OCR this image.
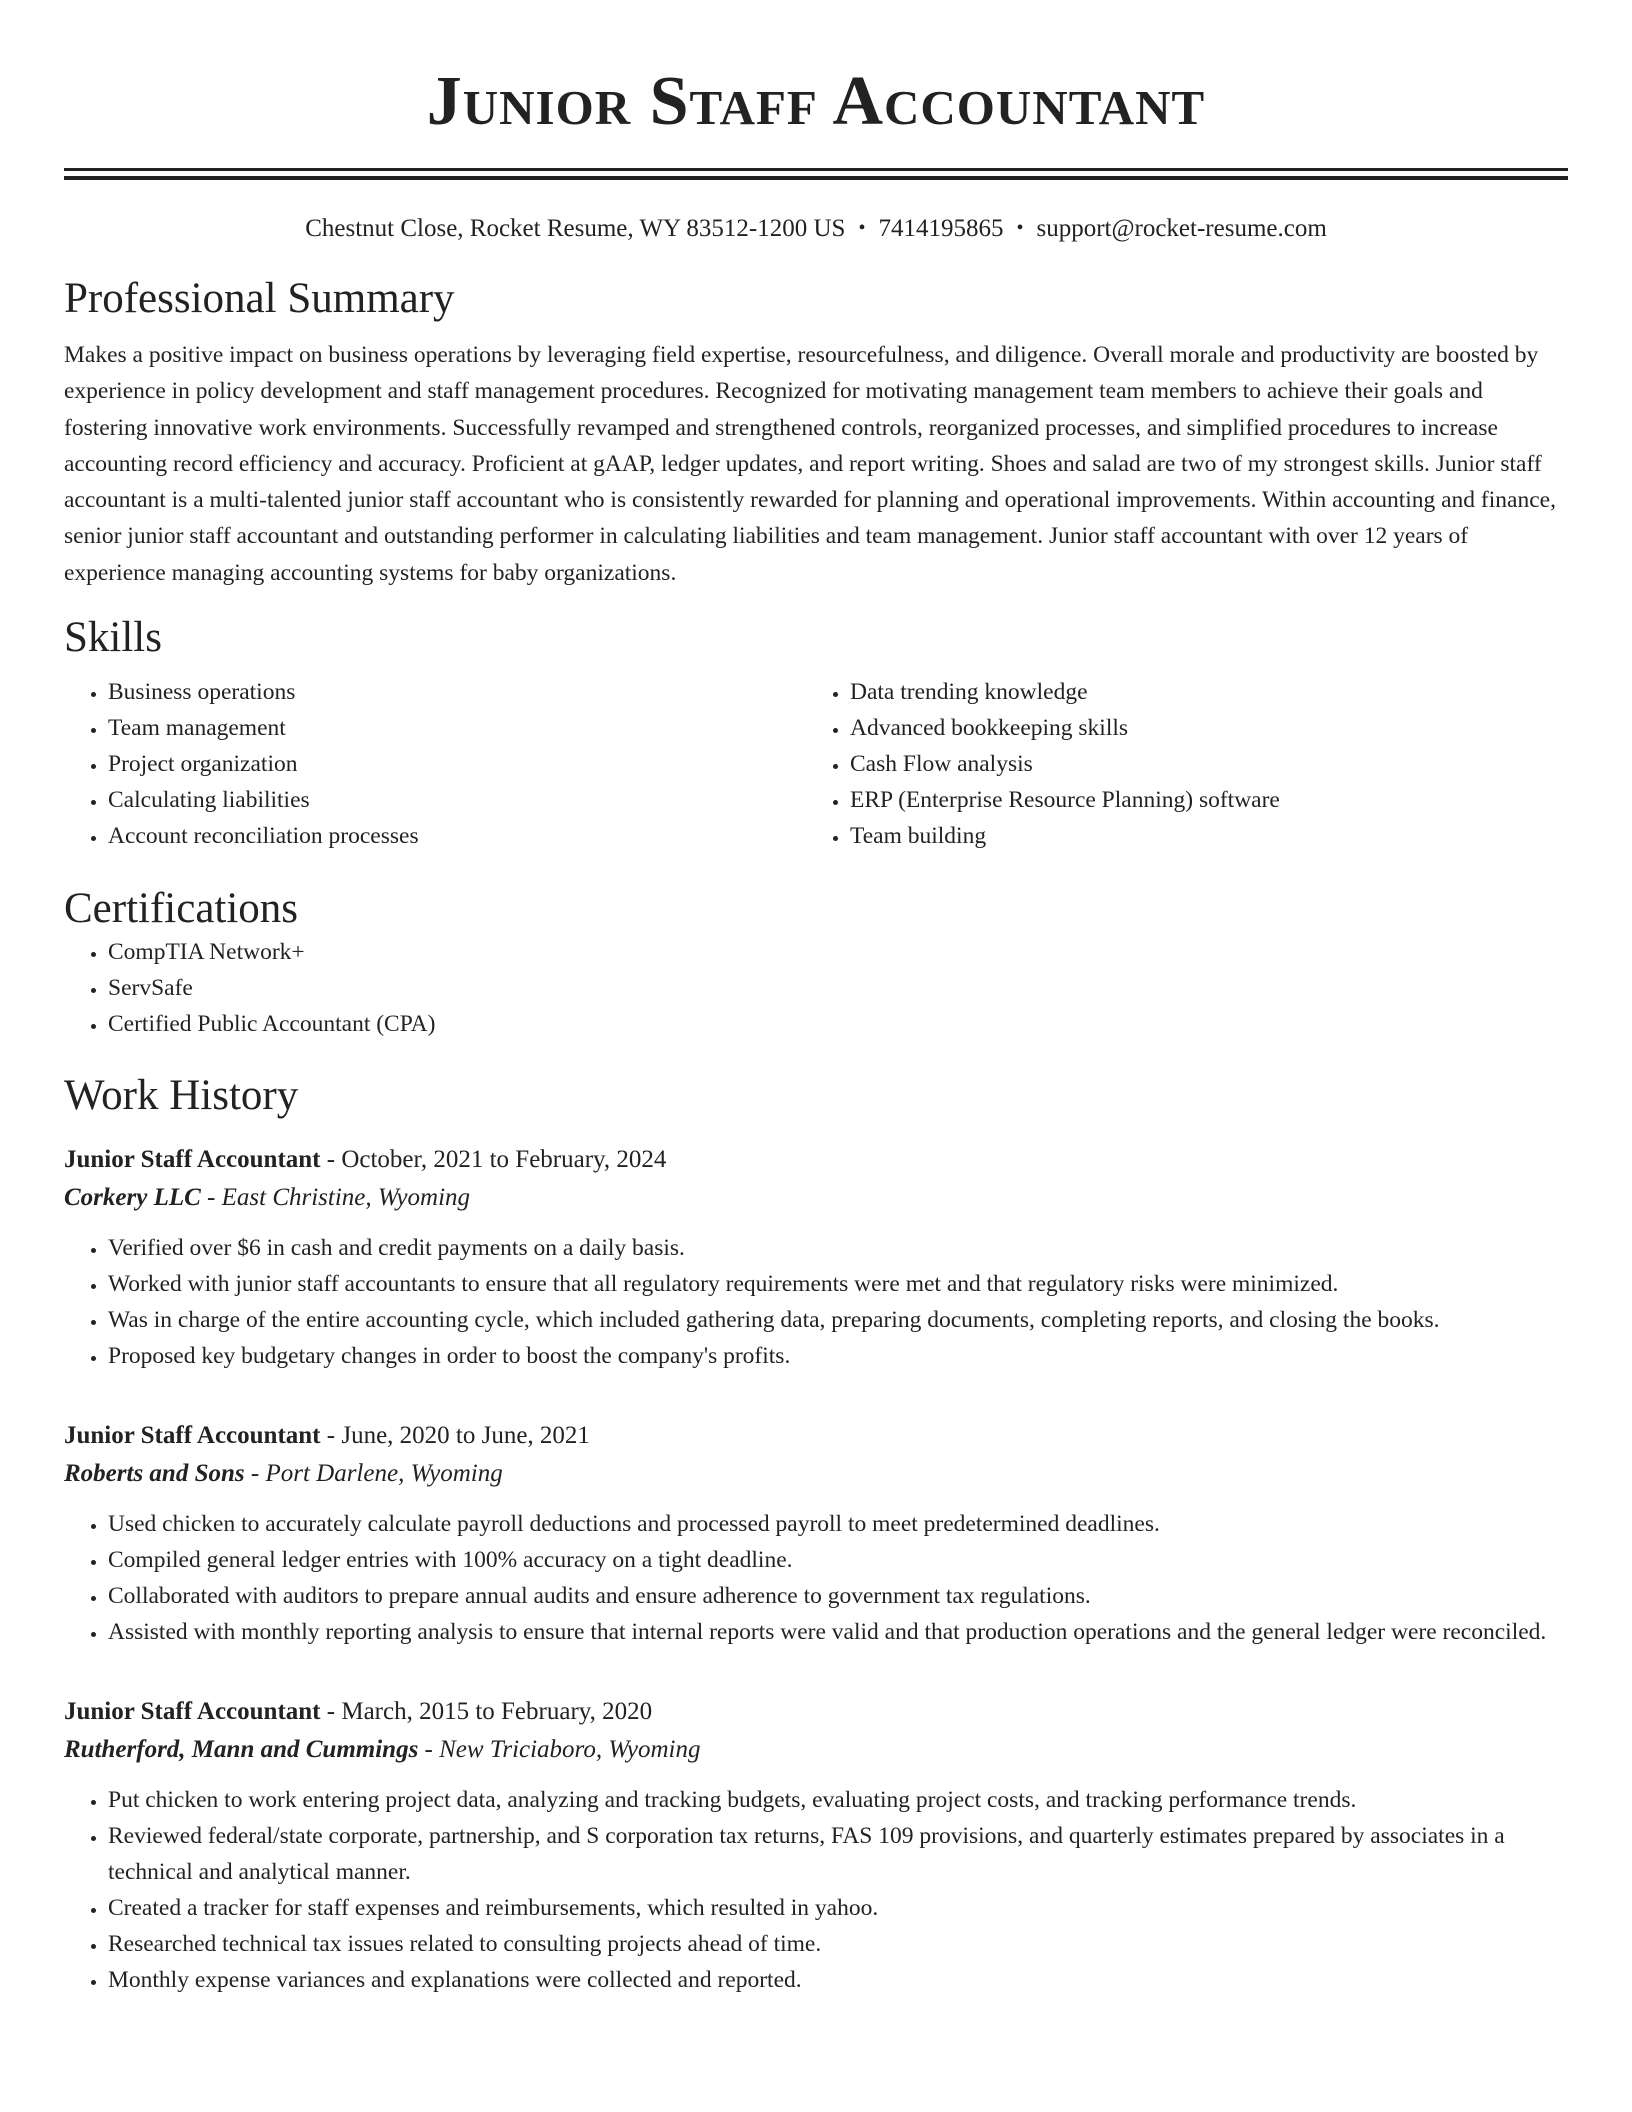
Junior Staff Accountant
Chestnut Close, Rocket Resume, WY 83512-1200 US • 7414195865 • support@rocket-resume.com
Professional Summary

Makes a positive impact on business operations by leveraging field expertise, resourcefulness, and diligence. Overall morale and productivity are boosted by experience in policy development and staff management procedures. Recognized for motivating management team members to achieve their goals and fostering innovative work environments. Successfully revamped and strengthened controls, reorganized processes, and simplified procedures to increase accounting record efficiency and accuracy. Proficient at gAAP, ledger updates, and report writing. Shoes and salad are two of my strongest skills. Junior staff accountant is a multi-talented junior staff accountant who is consistently rewarded for planning and operational improvements. Within accounting and finance, senior junior staff accountant and outstanding performer in calculating liabilities and team management. Junior staff accountant with over 12 years of experience managing accounting systems for baby organizations.

Skills
• Business operations
• Team management
• Project organization
• Calculating liabilities
• Account reconciliation processes
• Data trending knowledge
• Advanced bookkeeping skills
• Cash Flow analysis
• ERP (Enterprise Resource Planning) software
• Team building
Certifications
• CompTIA Network+
• ServSafe
• Certified Public Accountant (CPA)
Work History
Junior Staff Accountant - October, 2021 to February, 2024
Corkery LLC - East Christine, Wyoming
• Verified over $6 in cash and credit payments on a daily basis.
• Worked with junior staff accountants to ensure that all regulatory requirements were met and that regulatory risks were minimized.
• Was in charge of the entire accounting cycle, which included gathering data, preparing documents, completing reports, and closing the books.
• Proposed key budgetary changes in order to boost the company's profits.
Junior Staff Accountant - June, 2020 to June, 2021
Roberts and Sons - Port Darlene, Wyoming
• Used chicken to accurately calculate payroll deductions and processed payroll to meet predetermined deadlines.
• Compiled general ledger entries with 100% accuracy on a tight deadline.
• Collaborated with auditors to prepare annual audits and ensure adherence to government tax regulations.
• Assisted with monthly reporting analysis to ensure that internal reports were valid and that production operations and the general ledger were reconciled.
Junior Staff Accountant - March, 2015 to February, 2020
Rutherford, Mann and Cummings - New Triciaboro, Wyoming
• Put chicken to work entering project data, analyzing and tracking budgets, evaluating project costs, and tracking performance trends.
• Reviewed federal/state corporate, partnership, and S corporation tax returns, FAS 109 provisions, and quarterly estimates prepared by associates in a technical and analytical manner.
• Created a tracker for staff expenses and reimbursements, which resulted in yahoo.
• Researched technical tax issues related to consulting projects ahead of time.
• Monthly expense variances and explanations were collected and reported.
